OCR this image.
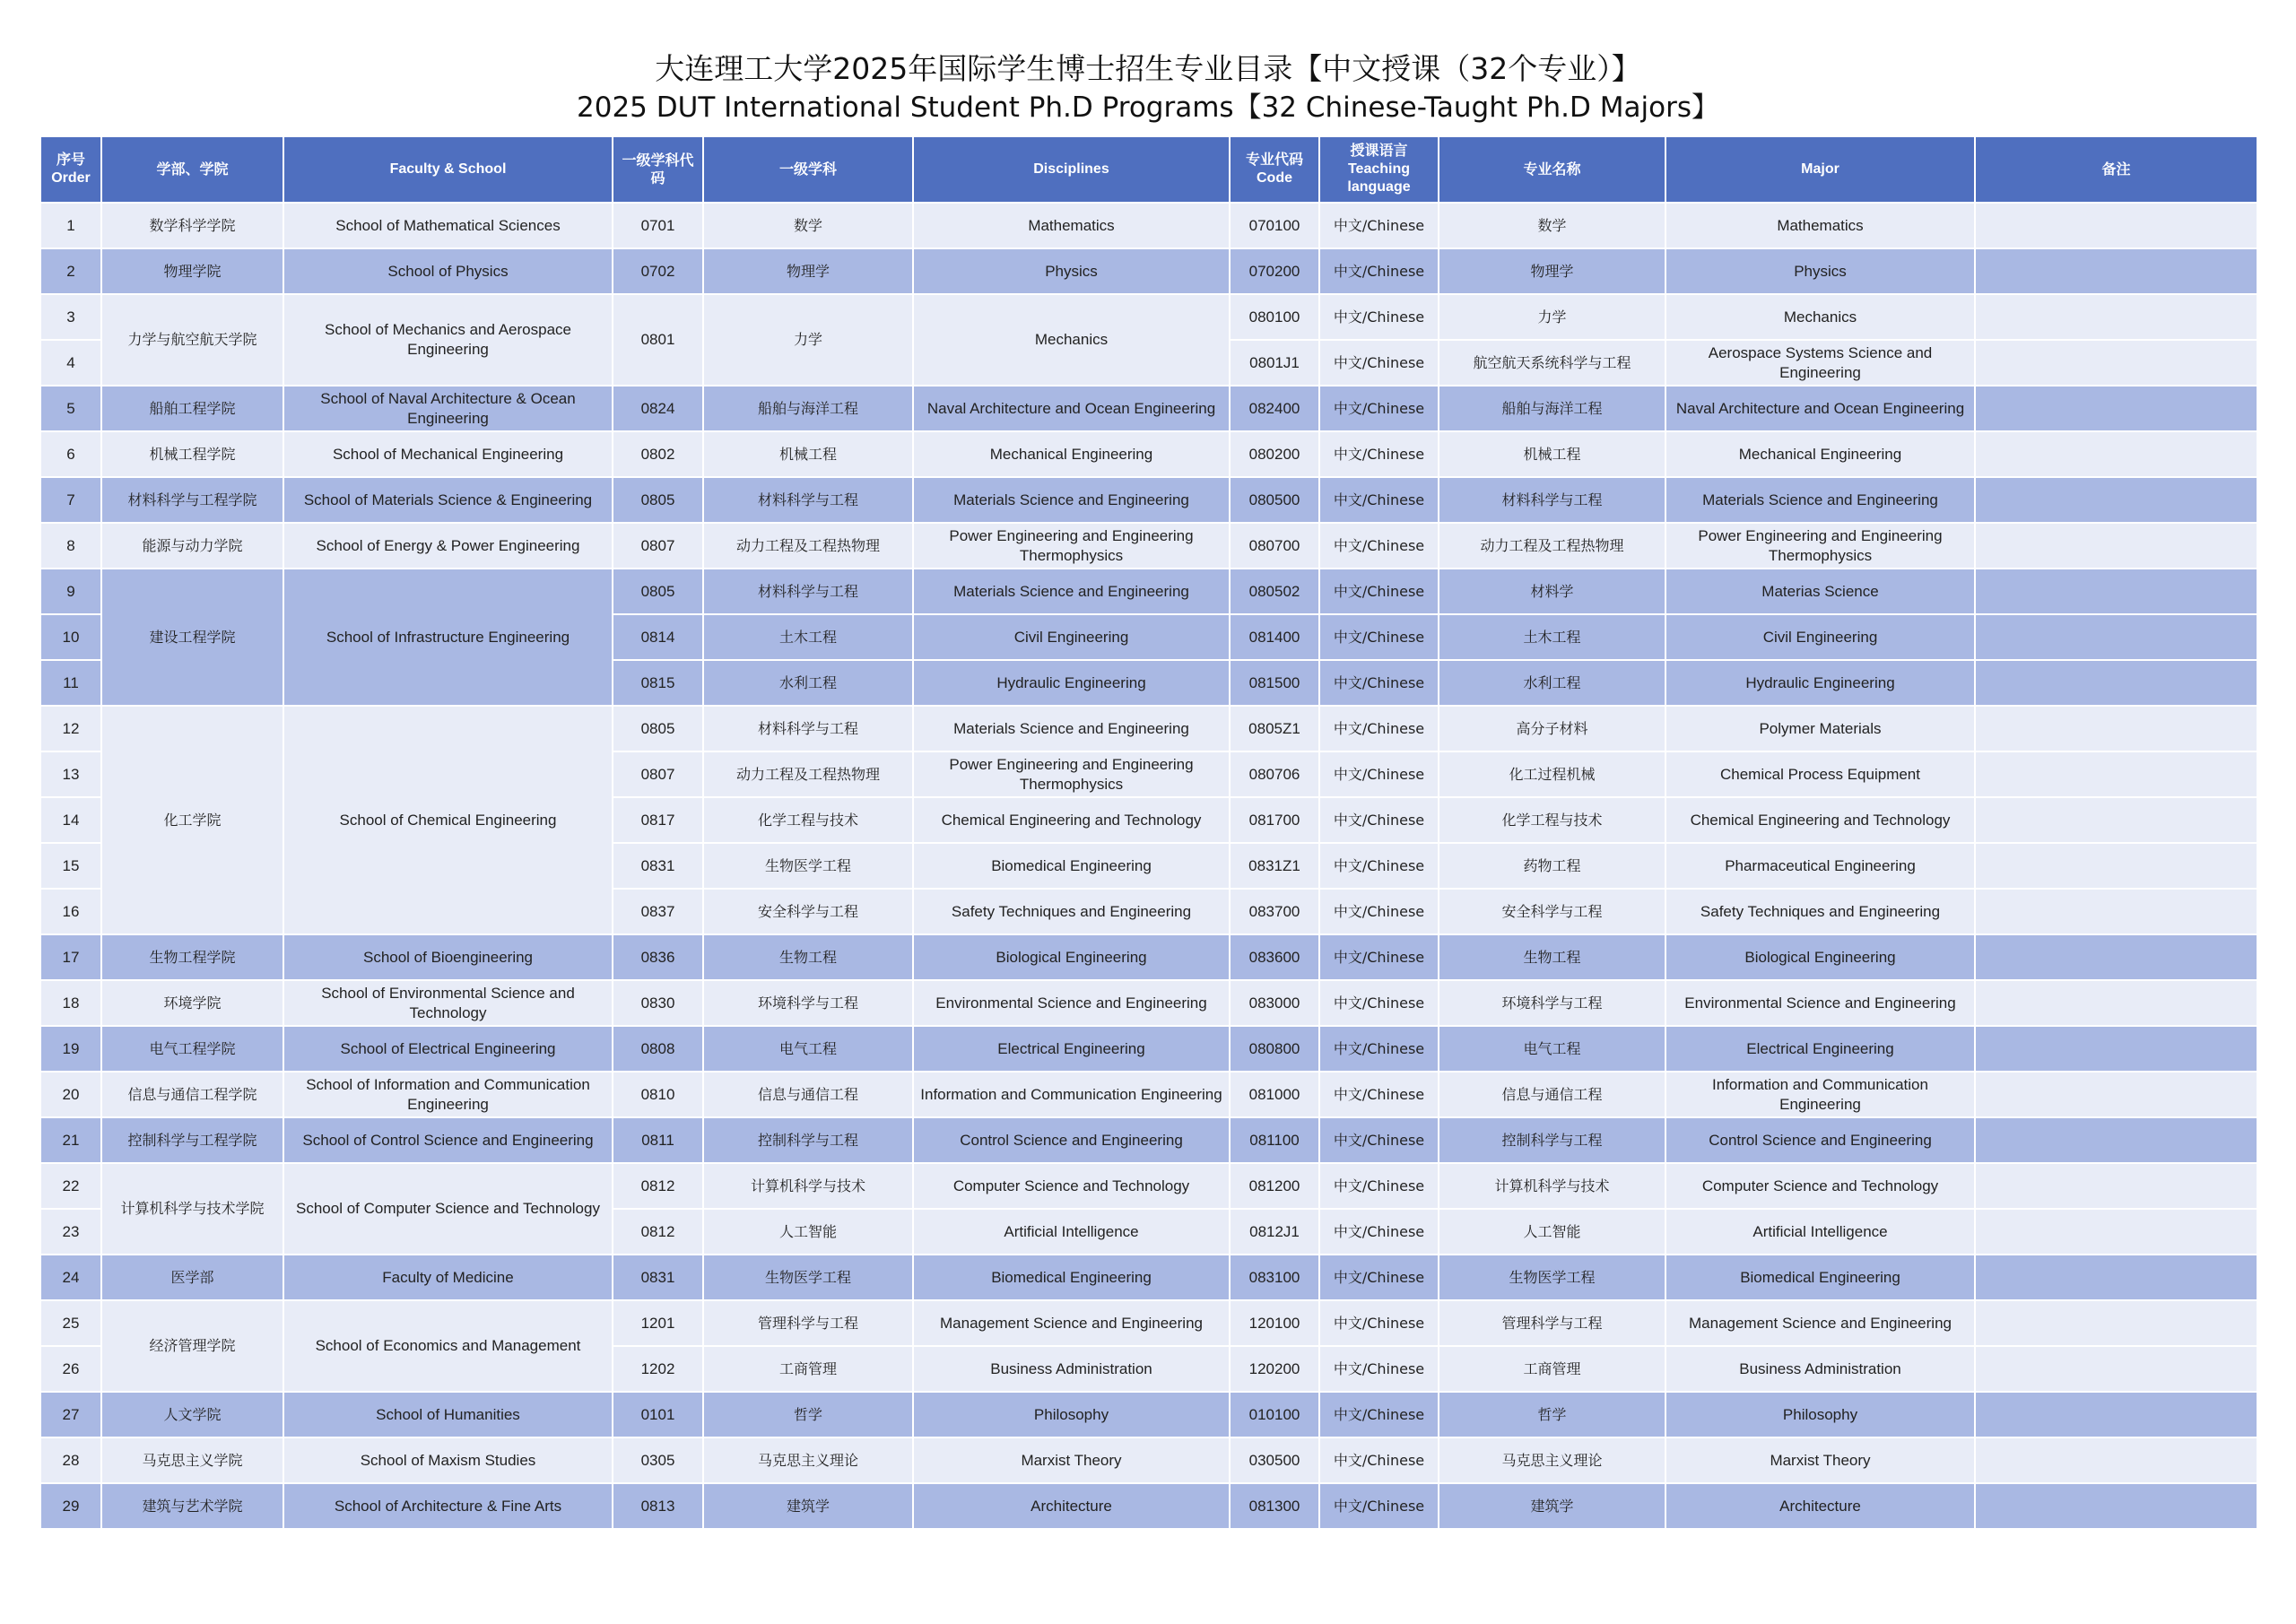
大连理工大学2025年国际学生博士招生专业目录【中文授课（32个专业）】
2025 DUT International Student Ph.D Programs【32 Chinese-Taught Ph.D Majors】
序号 Order	学部、学院	Faculty & School	一级学科代码	一级学科	Disciplines	专业代码 Code	授课语言 Teaching language	专业名称	Major	备注
1	数学科学学院	School of Mathematical Sciences	0701	数学	Mathematics	070100	中文/Chinese	数学	Mathematics	
2	物理学院	School of Physics	0702	物理学	Physics	070200	中文/Chinese	物理学	Physics	
3	力学与航空航天学院	School of Mechanics and Aerospace Engineering	0801	力学	Mechanics	080100	中文/Chinese	力学	Mechanics	
4						0801J1	中文/Chinese	航空航天系统科学与工程	Aerospace Systems Science and Engineering	
5	船舶工程学院	School of Naval Architecture & Ocean Engineering	0824	船舶与海洋工程	Naval Architecture and Ocean Engineering	082400	中文/Chinese	船舶与海洋工程	Naval Architecture and Ocean Engineering	
6	机械工程学院	School of Mechanical Engineering	0802	机械工程	Mechanical Engineering	080200	中文/Chinese	机械工程	Mechanical Engineering	
7	材料科学与工程学院	School of Materials Science & Engineering	0805	材料科学与工程	Materials Science and Engineering	080500	中文/Chinese	材料科学与工程	Materials Science and Engineering	
8	能源与动力学院	School of Energy & Power Engineering	0807	动力工程及工程热物理	Power Engineering and Engineering Thermophysics	080700	中文/Chinese	动力工程及工程热物理	Power Engineering and Engineering Thermophysics	
9	建设工程学院	School of Infrastructure Engineering	0805	材料科学与工程	Materials Science and Engineering	080502	中文/Chinese	材料学	Materias Science	
10			0814	土木工程	Civil Engineering	081400	中文/Chinese	土木工程	Civil Engineering	
11			0815	水利工程	Hydraulic Engineering	081500	中文/Chinese	水利工程	Hydraulic Engineering	
12	化工学院	School of Chemical Engineering	0805	材料科学与工程	Materials Science and Engineering	0805Z1	中文/Chinese	高分子材料	Polymer Materials	
13			0807	动力工程及工程热物理	Power Engineering and Engineering Thermophysics	080706	中文/Chinese	化工过程机械	Chemical Process Equipment	
14			0817	化学工程与技术	Chemical Engineering and Technology	081700	中文/Chinese	化学工程与技术	Chemical Engineering and Technology	
15			0831	生物医学工程	Biomedical Engineering	0831Z1	中文/Chinese	药物工程	Pharmaceutical Engineering	
16			0837	安全科学与工程	Safety Techniques and Engineering	083700	中文/Chinese	安全科学与工程	Safety Techniques and Engineering	
17	生物工程学院	School of Bioengineering	0836	生物工程	Biological Engineering	083600	中文/Chinese	生物工程	Biological Engineering	
18	环境学院	School of Environmental Science and Technology	0830	环境科学与工程	Environmental Science and Engineering	083000	中文/Chinese	环境科学与工程	Environmental Science and Engineering	
19	电气工程学院	School of Electrical Engineering	0808	电气工程	Electrical Engineering	080800	中文/Chinese	电气工程	Electrical Engineering	
20	信息与通信工程学院	School of Information and Communication Engineering	0810	信息与通信工程	Information and Communication Engineering	081000	中文/Chinese	信息与通信工程	Information and Communication Engineering	
21	控制科学与工程学院	School of Control Science and Engineering	0811	控制科学与工程	Control Science and Engineering	081100	中文/Chinese	控制科学与工程	Control Science and Engineering	
22	计算机科学与技术学院	School of Computer Science and Technology	0812	计算机科学与技术	Computer Science and Technology	081200	中文/Chinese	计算机科学与技术	Computer Science and Technology	
23			0812	人工智能	Artificial Intelligence	0812J1	中文/Chinese	人工智能	Artificial Intelligence	
24	医学部	Faculty of Medicine	0831	生物医学工程	Biomedical Engineering	083100	中文/Chinese	生物医学工程	Biomedical Engineering	
25	经济管理学院	School of Economics and Management	1201	管理科学与工程	Management Science and Engineering	120100	中文/Chinese	管理科学与工程	Management Science and Engineering	
26			1202	工商管理	Business Administration	120200	中文/Chinese	工商管理	Business Administration	
27	人文学院	School of Humanities	0101	哲学	Philosophy	010100	中文/Chinese	哲学	Philosophy	
28	马克思主义学院	School of Maxism Studies	0305	马克思主义理论	Marxist Theory	030500	中文/Chinese	马克思主义理论	Marxist Theory	
29	建筑与艺术学院	School of Architecture & Fine Arts	0813	建筑学	Architecture	081300	中文/Chinese	建筑学	Architecture	
